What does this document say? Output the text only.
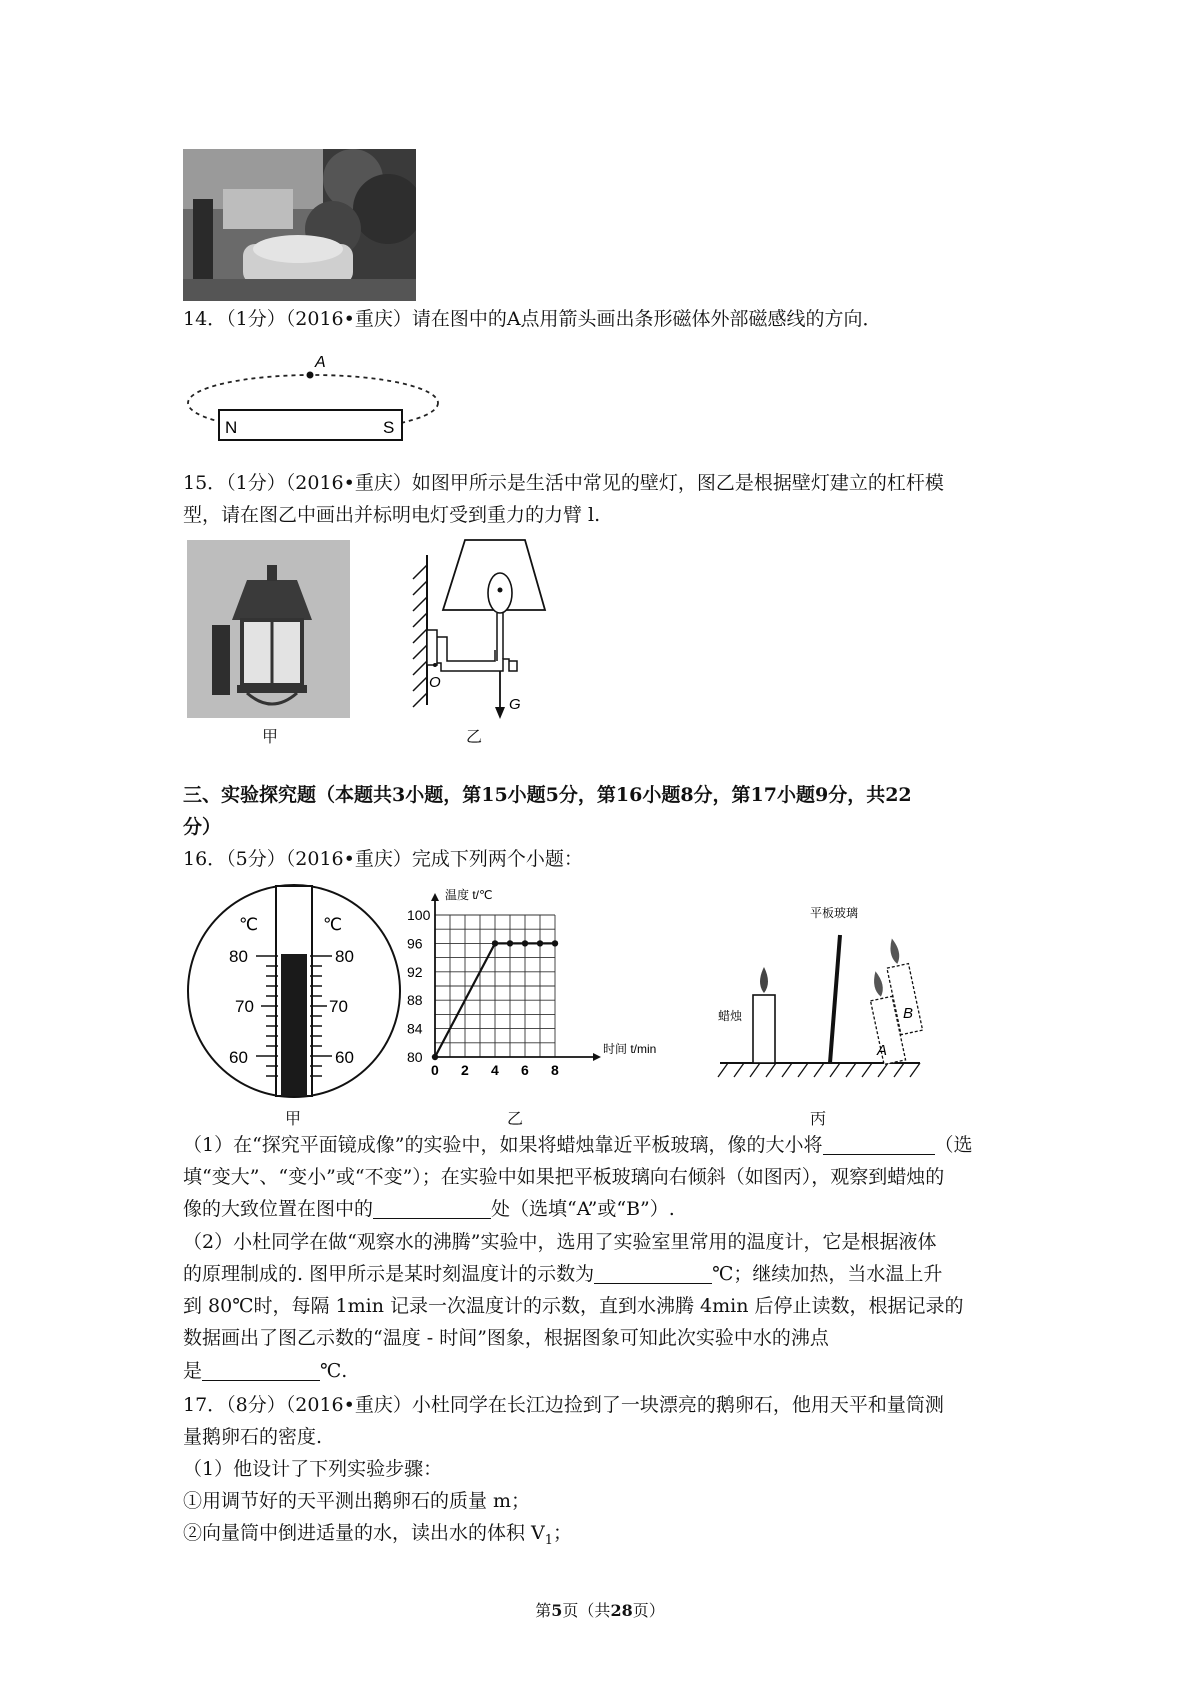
14．（1分）（2016•重庆）请在图中的A点用箭头画出条形磁体外部磁感线的方向．
A
N	S
15．（1分）（2016•重庆）如图甲所示是生活中常见的壁灯，图乙是根据壁灯建立的杠杆模
型，请在图乙中画出并标明电灯受到重力的力臂 l.
甲
O
G
乙
三、实验探究题（本题共3小题，第15小题5分，第16小题8分，第17小题9分，共22
分）
16．（5分）（2016•重庆）完成下列两个小题：
℃	℃
80
70
60
80
70
60
甲
0 2 4 6 8
80
84
88
92
96
100
温度 t/℃
时间 t/min
乙
平板玻璃
蜡烛
A
B
丙
（1）在“探究平面镜成像”的实验中，如果将蜡烛靠近平板玻璃，像的大小将	（选
填“变大”、“变小”或“不变”）；在实验中如果把平板玻璃向右倾斜（如图丙），观察到蜡烛的
像的大致位置在图中的	处（选填“A”或“B”）.
（2）小杜同学在做“观察水的沸腾”实验中，选用了实验室里常用的温度计，它是根据液体
的原理制成的. 图甲所示是某时刻温度计的示数为	℃；继续加热，当水温上升
到 80℃时，每隔 1min 记录一次温度计的示数，直到水沸腾 4min 后停止读数，根据记录的
数据画出了图乙示数的“温度 - 时间”图象，根据图象可知此次实验中水的沸点
是	℃.
17．（8分）（2016•重庆）小杜同学在长江边捡到了一块漂亮的鹅卵石，他用天平和量筒测
量鹅卵石的密度.
（1）他设计了下列实验步骤：
①用调节好的天平测出鹅卵石的质量 m；
②向量筒中倒进适量的水，读出水的体积 $V_1$；
第5页（共28页）
